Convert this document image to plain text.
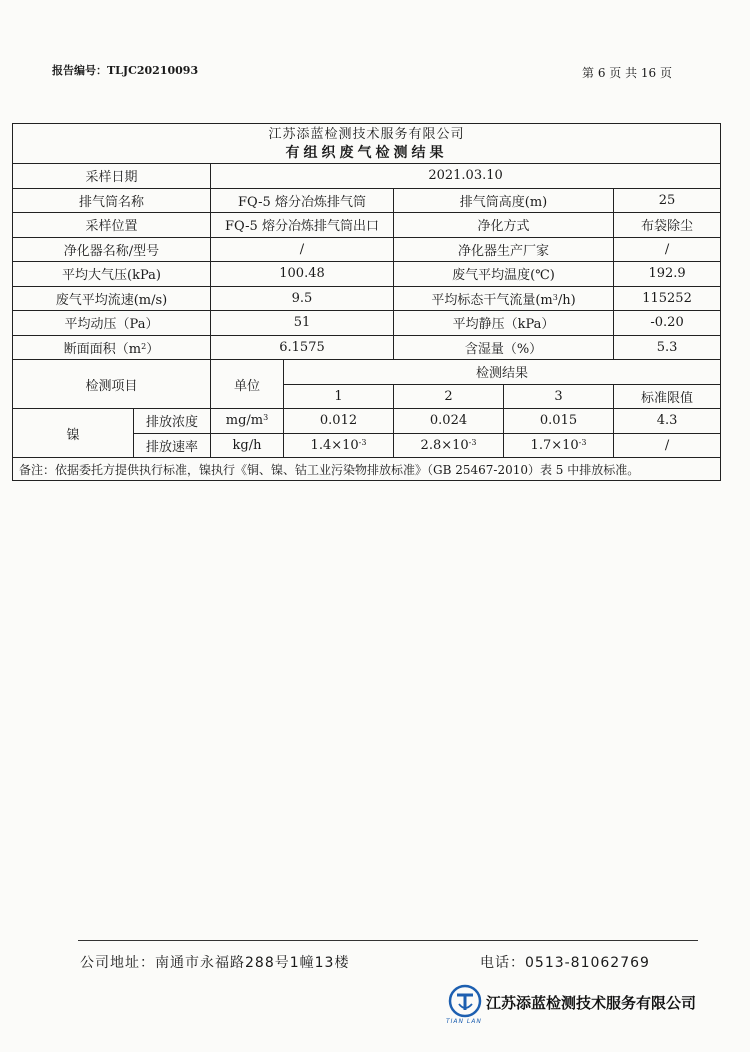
报告编号：TLJC20210093	第 6 页 共 16 页
江苏添蓝检测技术服务有限公司
有组织废气检测结果						

采样日期		2021.03.10				
排气筒名称		FQ-5 熔分冶炼排气筒		排气筒高度(m)		25
采样位置		FQ-5 熔分冶炼排气筒出口		净化方式		布袋除尘
净化器名称/型号		/		净化器生产厂家		/
平均大气压(kPa)		100.48		废气平均温度(℃)		192.9
废气平均流速(m/s)		9.5		平均标态干气流量$(m^3/h)$		115252
平均动压（Pa）		51		平均静压（kPa）		-0.20
断面面积$(m^2)$		6.1575		含湿量（%）		5.3
检测项目		单位	检测结果			
			1	2	3	标准限值
镍	排放浓度	$mg/m^3$	0.012	0.024	0.015	4.3
	排放速率	kg/h	$1.4\times 10^{-3}$	$2.8\times 10^{-3}$	$1.7\times 10^{-3}$	/
备注：依据委托方提供执行标准，镍执行《铜、镍、钴工业污染物排放标准》（GB 25467-2010）表 5 中排放标准。						
公司地址：南通市永福路288号1幢13楼	电话：0513-81062769
TIAN LAN
江苏添蓝检测技术服务有限公司
